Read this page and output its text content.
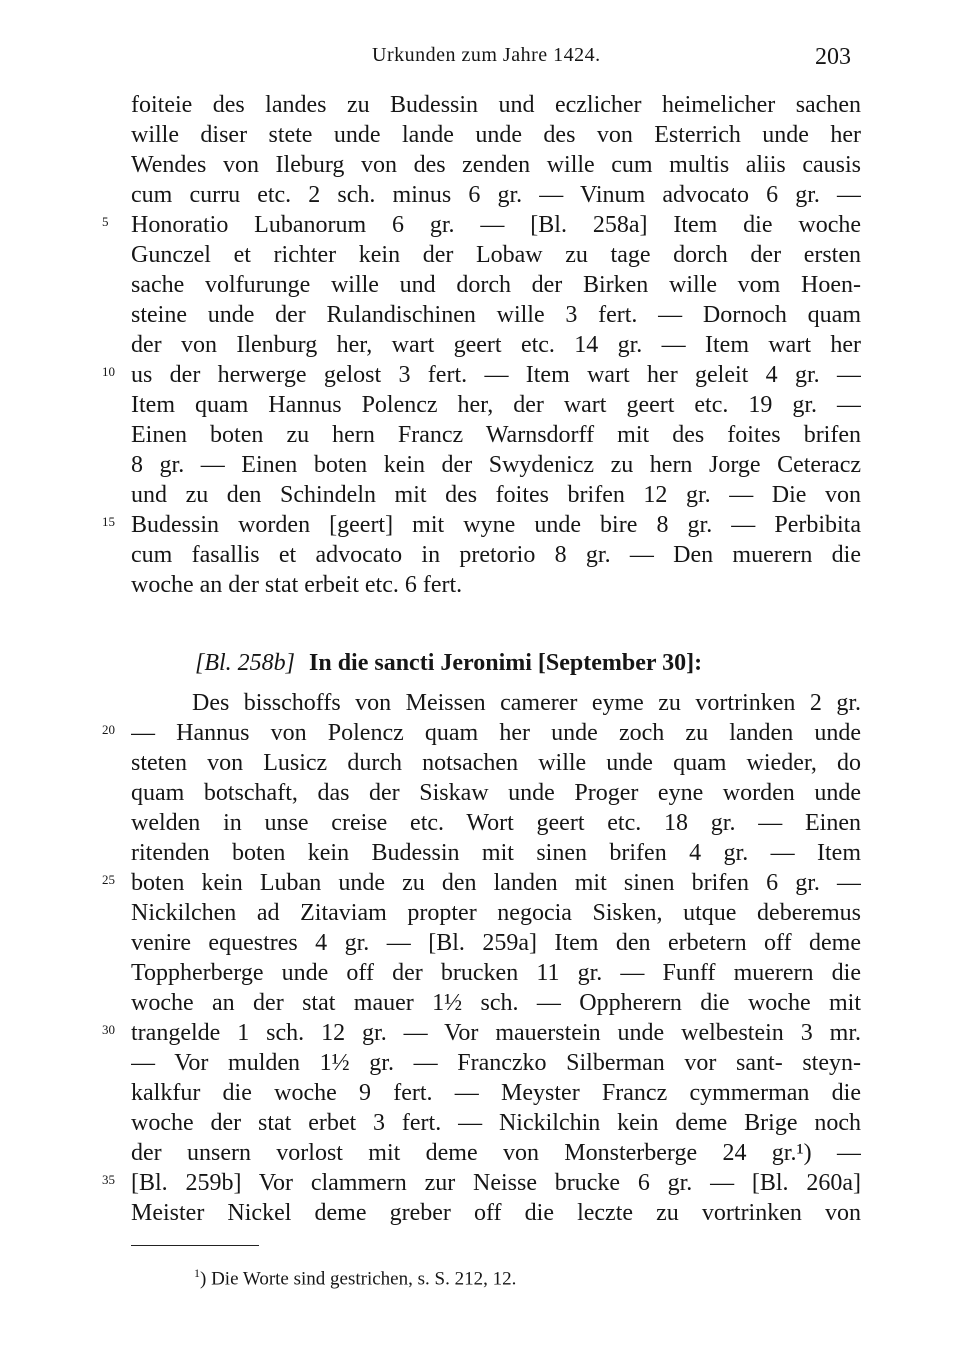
Urkunden zum Jahre 1424.	203
foiteie des landes zu Budessin und eczlicher heimelicher sachen
wille diser stete unde lande unde des von Esterrich unde her
Wendes von Ileburg von des zenden wille cum multis aliis causis
cum curru etc. 2 sch. minus 6 gr. — Vinum advocato 6 gr. —
Honoratio Lubanorum 6 gr. — [Bl. 258a] Item die woche
Gunczel et richter kein der Lobaw zu tage dorch der ersten
sache volfurunge wille und dorch der Birken wille vom Hoen-
steine unde der Rulandischinen wille 3 fert. — Dornoch quam
der von Ilenburg her, wart geert etc. 14 gr. — Item wart her
us der herwerge gelost 3 fert. — Item wart her geleit 4 gr. —
Item quam Hannus Polencz her, der wart geert etc. 19 gr. —
Einen boten zu hern Francz Warnsdorff mit des foites brifen
8 gr. — Einen boten kein der Swydenicz zu hern Jorge Ceteracz
und zu den Schindeln mit des foites brifen 12 gr. — Die von
Budessin worden [geert] mit wyne unde bire 8 gr. — Perbibita
cum fasallis et advocato in pretorio 8 gr. — Den muerern die
woche an der stat erbeit etc. 6 fert.
[Bl. 258b] In die sancti Jeronimi [September 30]:
Des bisschoffs von Meissen camerer eyme zu vortrinken 2 gr.
— Hannus von Polencz quam her unde zoch zu landen unde
steten von Lusicz durch notsachen wille unde quam wieder, do
quam botschaft, das der Siskaw unde Proger eyne worden unde
welden in unse creise etc. Wort geert etc. 18 gr. — Einen
ritenden boten kein Budessin mit sinen brifen 4 gr. — Item
boten kein Luban unde zu den landen mit sinen brifen 6 gr. —
Nickilchen ad Zitaviam propter negocia Sisken, utque deberemus
venire equestres 4 gr. — [Bl. 259a] Item den erbetern off deme
Toppherberge unde off der brucken 11 gr. — Funff muerern die
woche an der stat mauer 1½ sch. — Oppherern die woche mit
trangelde 1 sch. 12 gr. — Vor mauerstein unde welbestein 3 mr.
— Vor mulden 1½ gr. — Franczko Silberman vor sant- steyn-
kalkfur die woche 9 fert. — Meyster Francz cymmerman die
woche der stat erbet 3 fert. — Nickilchin kein deme Brige noch
der unsern vorlost mit deme von Monsterberge 24 gr.¹) —
[Bl. 259b] Vor clammern zur Neisse brucke 6 gr. — [Bl. 260a]
Meister Nickel deme greber off die leczte zu vortrinken von
5
10
15
20
25
30
35
$^1$) Die Worte sind gestrichen, s. S. 212, 12.
